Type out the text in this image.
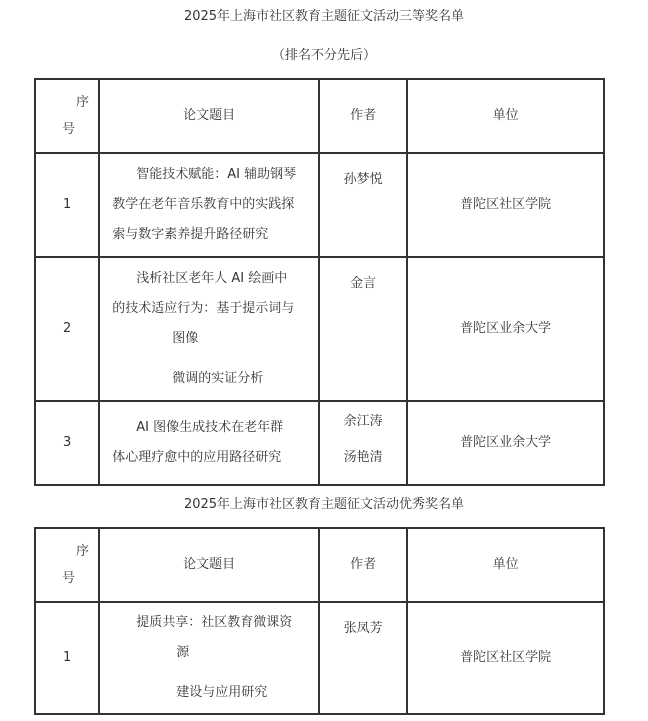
2025年上海市社区教育主题征文活动三等奖名单
（排名不分先后）
序
号	论文题目	作者	单位
1	智能技术赋能：AI 辅助钢琴
教学在老年音乐教育中的实践探
索与数字素养提升路径研究	孙梦悦	普陀区社区学院
2	浅析社区老年人 AI 绘画中
的技术适应行为：基于提示词与
图像
微调的实证分析	金言	普陀区业余大学
3	AI 图像生成技术在老年群
体心理疗愈中的应用路径研究	余江涛
汤艳清	普陀区业余大学
2025年上海市社区教育主题征文活动优秀奖名单
序
号	论文题目	作者	单位
1	提质共享：社区教育微课资
源
建设与应用研究	张凤芳	普陀区社区学院
